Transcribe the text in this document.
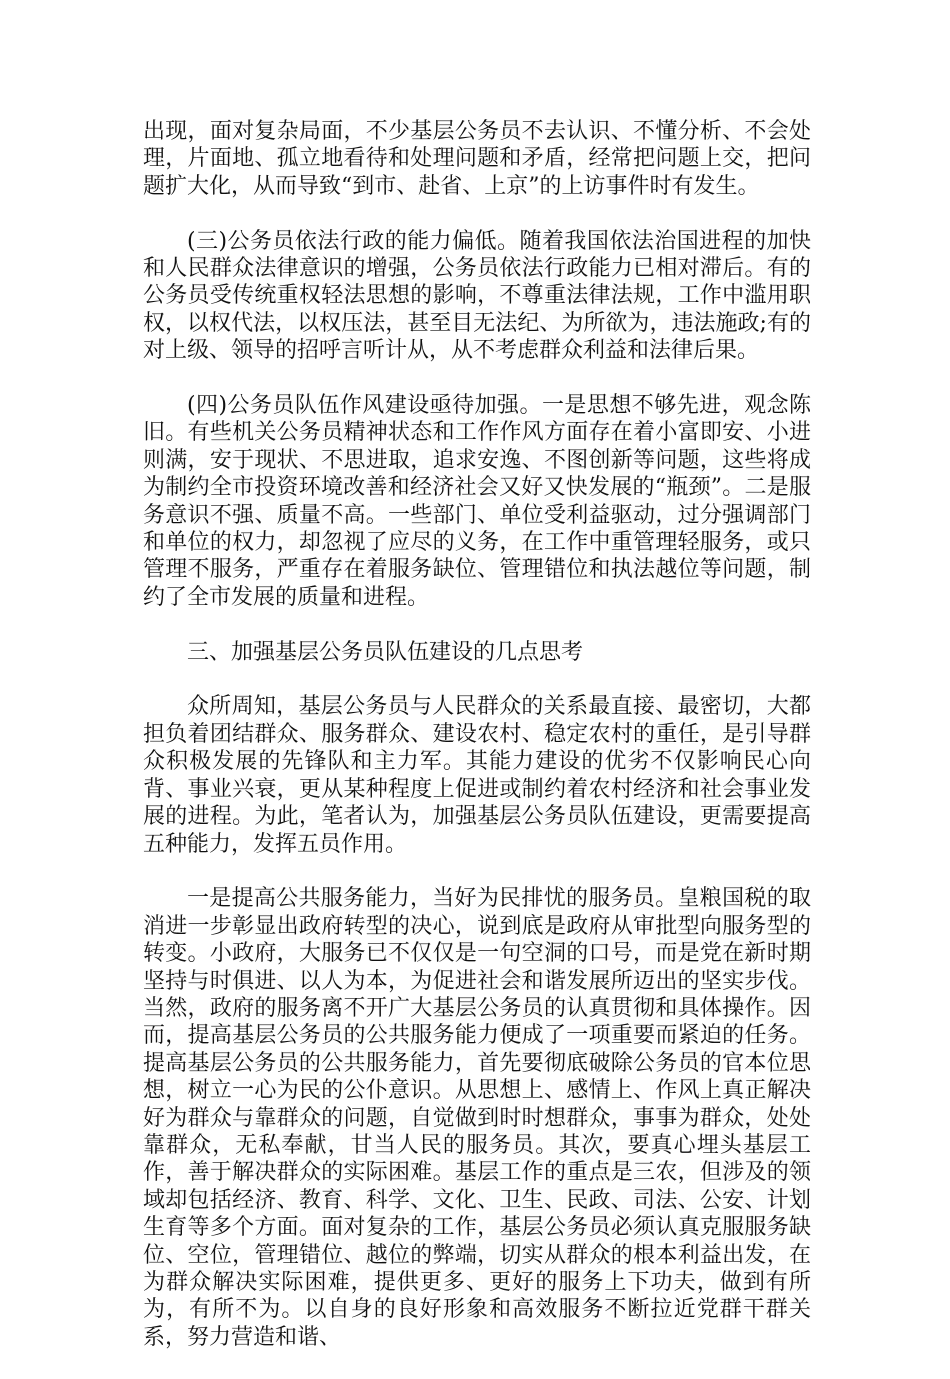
出现，面对复杂局面，不少基层公务员不去认识、不懂分析、不会处理，片面地、孤立地看待和处理问题和矛盾，经常把问题上交，把问题扩大化，从而导致“到市、赴省、上京”的上访事件时有发生。

(三)公务员依法行政的能力偏低。随着我国依法治国进程的加快和人民群众法律意识的增强，公务员依法行政能力已相对滞后。有的公务员受传统重权轻法思想的影响，不尊重法律法规，工作中滥用职权，以权代法，以权压法，甚至目无法纪、为所欲为，违法施政;有的对上级、领导的招呼言听计从，从不考虑群众利益和法律后果。

(四)公务员队伍作风建设亟待加强。一是思想不够先进，观念陈旧。有些机关公务员精神状态和工作作风方面存在着小富即安、小进则满，安于现状、不思进取，追求安逸、不图创新等问题，这些将成为制约全市投资环境改善和经济社会又好又快发展的“瓶颈”。二是服务意识不强、质量不高。一些部门、单位受利益驱动，过分强调部门和单位的权力，却忽视了应尽的义务，在工作中重管理轻服务，或只管理不服务，严重存在着服务缺位、管理错位和执法越位等问题，制约了全市发展的质量和进程。

三、加强基层公务员队伍建设的几点思考

众所周知，基层公务员与人民群众的关系最直接、最密切，大都担负着团结群众、服务群众、建设农村、稳定农村的重任，是引导群众积极发展的先锋队和主力军。其能力建设的优劣不仅影响民心向背、事业兴衰，更从某种程度上促进或制约着农村经济和社会事业发展的进程。为此，笔者认为，加强基层公务员队伍建设，更需要提高五种能力，发挥五员作用。

一是提高公共服务能力，当好为民排忧的服务员。皇粮国税的取消进一步彰显出政府转型的决心，说到底是政府从审批型向服务型的转变。小政府，大服务已不仅仅是一句空洞的口号，而是党在新时期坚持与时俱进、以人为本，为促进社会和谐发展所迈出的坚实步伐。当然，政府的服务离不开广大基层公务员的认真贯彻和具体操作。因而，提高基层公务员的公共服务能力便成了一项重要而紧迫的任务。提高基层公务员的公共服务能力，首先要彻底破除公务员的官本位思想，树立一心为民的公仆意识。从思想上、感情上、作风上真正解决好为群众与靠群众的问题，自觉做到时时想群众，事事为群众，处处靠群众，无私奉献，甘当人民的服务员。其次，要真心埋头基层工作，善于解决群众的实际困难。基层工作的重点是三农，但涉及的领域却包括经济、教育、科学、文化、卫生、民政、司法、公安、计划生育等多个方面。面对复杂的工作，基层公务员必须认真克服服务缺位、空位，管理错位、越位的弊端，切实从群众的根本利益出发，在为群众解决实际困难，提供更多、更好的服务上下功夫，做到有所为，有所不为。以自身的良好形象和高效服务不断拉近党群干群关系，努力营造和谐、
